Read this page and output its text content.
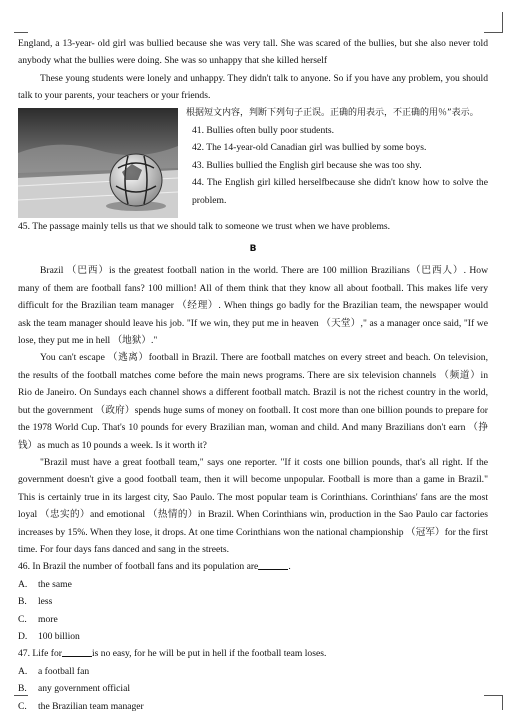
England, a 13-year- old girl was bullied because she was very tall. She was scared of the bullies, but she also never told anybody what the bullies were doing. She was so unhappy that she killed herself

These young students were lonely and unhappy. They didn't talk to anyone. So if you have any problem, you should talk to your parents, your teachers or your friends.

根据短文内容，判断下列句子正误。正确的用表示，不正确的用％”表示。

41. Bullies often bully poor students.

42. The 14-year-old Canadian girl was bullied by some boys.

43. Bullies bullied the English girl because she was too shy.

44. The English girl killed herselfbecause she didn't know how to solve the problem.

45. The passage mainly tells us that we should talk to someone we trust when we have problems.

B

Brazil （巴西）is the greatest football nation in the world. There are 100 million Brazilians（巴西人）. How many of them are football fans? 100 million! All of them think that they know all about football. This makes life very difficult for the Brazilian team manager （经理）. When things go badly for the Brazilian team, the newspaper would ask the team manager should leave his job. "If we win, they put me in heaven （天堂）," as a manager once said, "If we lose, they put me in hell （地狱）."

You can't escape （逃离）football in Brazil. There are football matches on every street and beach. On television, the results of the football matches come before the main news programs. There are six television channels （频道）in Rio de Janeiro. On Sundays each channel shows a different football match. Brazil is not the richest country in the world, but the government （政府）spends huge sums of money on football. It cost more than one billion pounds to prepare for the 1978 World Cup. That's 10 pounds for every Brazilian man, woman and child. And many Brazilians don't earn （挣钱）as much as 10 pounds a week. Is it worth it?

"Brazil must have a great football team," says one reporter. "If it costs one billion pounds, that's all right. If the government doesn't give a good football team, then it will become unpopular. Football is more than a game in Brazil." This is certainly true in its largest city, Sao Paulo. The most popular team is Corinthians. Corinthians' fans are the most loyal （忠实的）and emotional （热情的）in Brazil. When Corinthians win, production in the Sao Paulo car factories increases by 15%. When they lose, it drops. At one time Corinthians won the national championship （冠军）for the first time. For four days fans danced and sang in the streets.

46. In Brazil the number of football fans and its population are	.

A. the same

B. less

C. more

D. 100 billion

47. Life for	is no easy, for he will be put in hell if the football team loses.

A. a football fan

B. any government official

C. the Brazilian team manager
